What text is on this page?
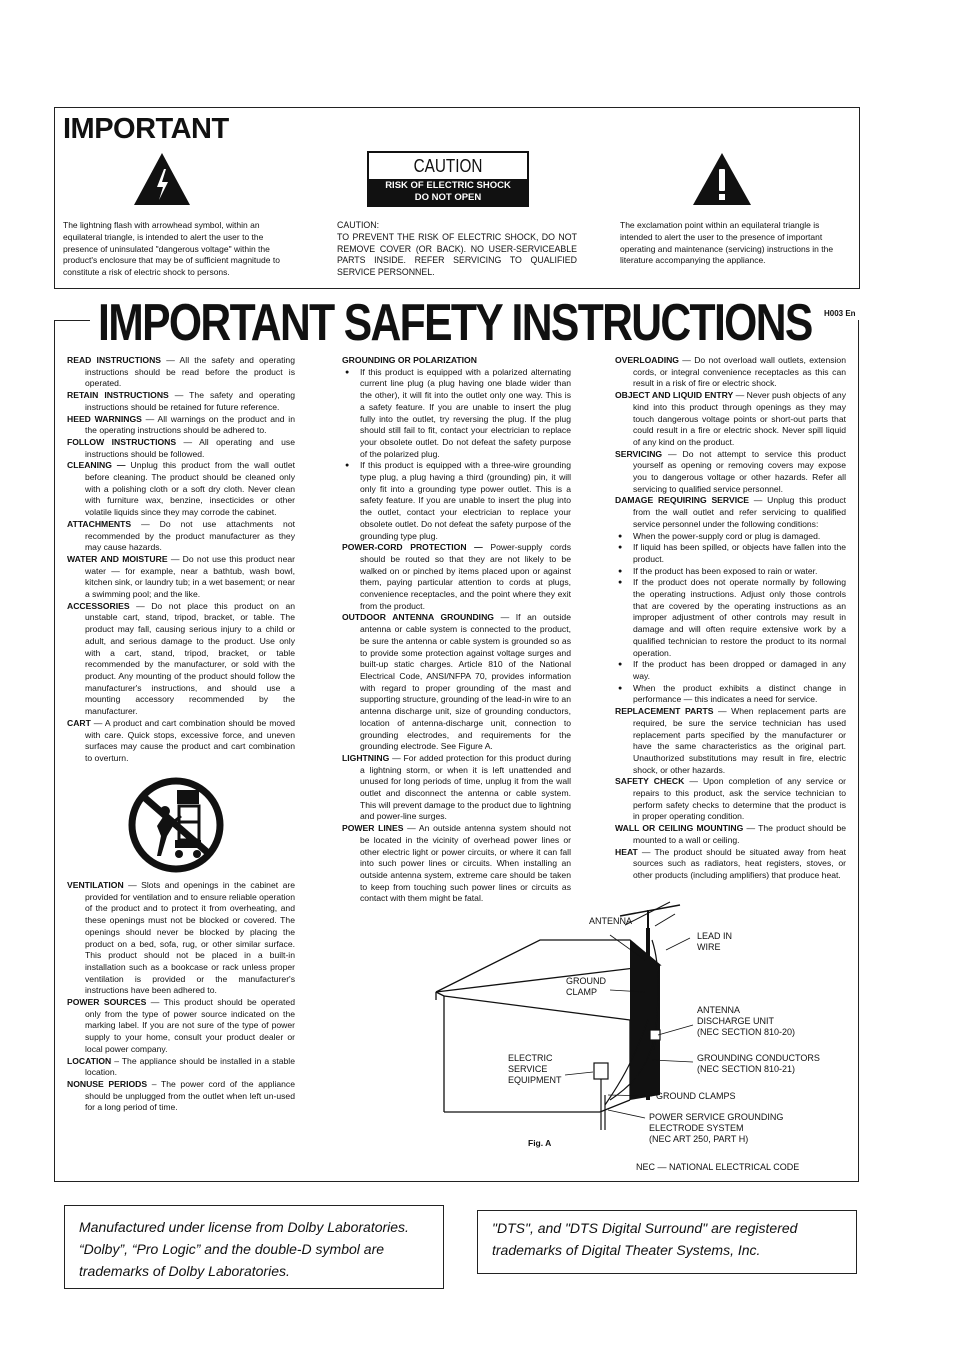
IMPORTANT
CAUTION
RISK OF ELECTRIC SHOCK
DO NOT OPEN
The lightning flash with arrowhead symbol, within an equilateral triangle, is intended to alert the user to the presence of uninsulated "dangerous voltage" within the product's enclosure that may be of sufficient magnitude to constitute a risk of electric shock to persons.
CAUTION:
TO PREVENT THE RISK OF ELECTRIC SHOCK, DO NOT REMOVE COVER (OR BACK). NO USER-SERVICEABLE PARTS INSIDE. REFER SERVICING TO QUALIFIED SERVICE PERSONNEL.
The exclamation point within an equilateral triangle is intended to alert the user to the presence of important operating and maintenance (servicing) instructions in the literature accompanying the appliance.
IMPORTANT SAFETY INSTRUCTIONS H003 En

READ INSTRUCTIONS — All the safety and operating instructions should be read before the product is operated.

RETAIN INSTRUCTIONS — The safety and operating instructions should be retained for future reference.

HEED WARNINGS — All warnings on the product and in the operating instructions should be adhered to.

FOLLOW INSTRUCTIONS — All operating and use instructions should be followed.

CLEANING — Unplug this product from the wall outlet before cleaning. The product should be cleaned only with a polishing cloth or a soft dry cloth. Never clean with furniture wax, benzine, insecticides or other volatile liquids since they may corrode the cabinet.

ATTACHMENTS — Do not use attachments not recommended by the product manufacturer as they may cause hazards.

WATER AND MOISTURE — Do not use this product near water — for example, near a bathtub, wash bowl, kitchen sink, or laundry tub; in a wet basement; or near a swimming pool; and the like.

ACCESSORIES — Do not place this product on an unstable cart, stand, tripod, bracket, or table. The product may fall, causing serious injury to a child or adult, and serious damage to the product. Use only with a cart, stand, tripod, bracket, or table recommended by the manufacturer, or sold with the product. Any mounting of the product should follow the manufacturer's instructions, and should use a mounting accessory recommended by the manufacturer.

CART — A product and cart combination should be moved with care. Quick stops, excessive force, and uneven surfaces may cause the product and cart combination to overturn.

VENTILATION — Slots and openings in the cabinet are provided for ventilation and to ensure reliable operation of the product and to protect it from overheating, and these openings must not be blocked or covered. The openings should never be blocked by placing the product on a bed, sofa, rug, or other similar surface. This product should not be placed in a built-in installation such as a bookcase or rack unless proper ventilation is provided or the manufacturer's instructions have been adhered to.

POWER SOURCES — This product should be operated only from the type of power source indicated on the marking label. If you are not sure of the type of power supply to your home, consult your product dealer or local power company.

LOCATION – The appliance should be installed in a stable location.

NONUSE PERIODS – The power cord of the appliance should be unplugged from the outlet when left un-used for a long period of time.

GROUNDING OR POLARIZATION

●	If this product is equipped with a polarized alternating current line plug (a plug having one blade wider than the other), it will fit into the outlet only one way. This is a safety feature. If you are unable to insert the plug fully into the outlet, try reversing the plug. If the plug should still fail to fit, contact your electrician to replace your obsolete outlet. Do not defeat the safety purpose of the polarized plug.
●	If this product is equipped with a three-wire grounding type plug, a plug having a third (grounding) pin, it will only fit into a grounding type power outlet. This is a safety feature. If you are unable to insert the plug into the outlet, contact your electrician to replace your obsolete outlet. Do not defeat the safety purpose of the grounding type plug.

POWER-CORD PROTECTION — Power-supply cords should be routed so that they are not likely to be walked on or pinched by items placed upon or against them, paying particular attention to cords at plugs, convenience receptacles, and the point where they exit from the product.

OUTDOOR ANTENNA GROUNDING — If an outside antenna or cable system is connected to the product, be sure the antenna or cable system is grounded so as to provide some protection against voltage surges and built-up static charges. Article 810 of the National Electrical Code, ANSI/NFPA 70, provides information with regard to proper grounding of the mast and supporting structure, grounding of the lead-in wire to an antenna discharge unit, size of grounding conductors, location of antenna-discharge unit, connection to grounding electrodes, and requirements for the grounding electrode. See Figure A.

LIGHTNING — For added protection for this product during a lightning storm, or when it is left unattended and unused for long periods of time, unplug it from the wall outlet and disconnect the antenna or cable system. This will prevent damage to the product due to lightning and power-line surges.

POWER LINES — An outside antenna system should not be located in the vicinity of overhead power lines or other electric light or power circuits, or where it can fall into such power lines or circuits. When installing an outside antenna system, extreme care should be taken to keep from touching such power lines or circuits as contact with them might be fatal.

OVERLOADING — Do not overload wall outlets, extension cords, or integral convenience receptacles as this can result in a risk of fire or electric shock.

OBJECT AND LIQUID ENTRY — Never push objects of any kind into this product through openings as they may touch dangerous voltage points or short-out parts that could result in a fire or electric shock. Never spill liquid of any kind on the product.

SERVICING — Do not attempt to service this product yourself as opening or removing covers may expose you to dangerous voltage or other hazards. Refer all servicing to qualified service personnel.

DAMAGE REQUIRING SERVICE — Unplug this product from the wall outlet and refer servicing to qualified service personnel under the following conditions:

●	When the power-supply cord or plug is damaged.
●	If liquid has been spilled, or objects have fallen into the product.
●	If the product has been exposed to rain or water.
●	If the product does not operate normally by following the operating instructions. Adjust only those controls that are covered by the operating instructions as an improper adjustment of other controls may result in damage and will often require extensive work by a qualified technician to restore the product to its normal operation.
●	If the product has been dropped or damaged in any way.
●	When the product exhibits a distinct change in performance — this indicates a need for service.

REPLACEMENT PARTS — When replacement parts are required, be sure the service technician has used replacement parts specified by the manufacturer or have the same characteristics as the original part. Unauthorized substitutions may result in fire, electric shock, or other hazards.

SAFETY CHECK — Upon completion of any service or repairs to this product, ask the service technician to perform safety checks to determine that the product is in proper operating condition.

WALL OR CEILING MOUNTING — The product should be mounted to a wall or ceiling.

HEAT — The product should be situated away from heat sources such as radiators, heat registers, stoves, or other products (including amplifiers) that produce heat.

ANTENNA
LEAD IN
WIRE
GROUND
CLAMP
ANTENNA
DISCHARGE UNIT
(NEC SECTION 810-20)
ELECTRIC
SERVICE
EQUIPMENT
GROUNDING CONDUCTORS
(NEC SECTION 810-21)
GROUND CLAMPS
POWER SERVICE GROUNDING
ELECTRODE SYSTEM
(NEC ART 250, PART H)
Fig. A
NEC — NATIONAL ELECTRICAL CODE
Manufactured under license from Dolby Laboratories. “Dolby”, “Pro Logic” and the double-D symbol are trademarks of Dolby Laboratories.
"DTS", and "DTS Digital Surround" are registered trademarks of Digital Theater Systems, Inc.
